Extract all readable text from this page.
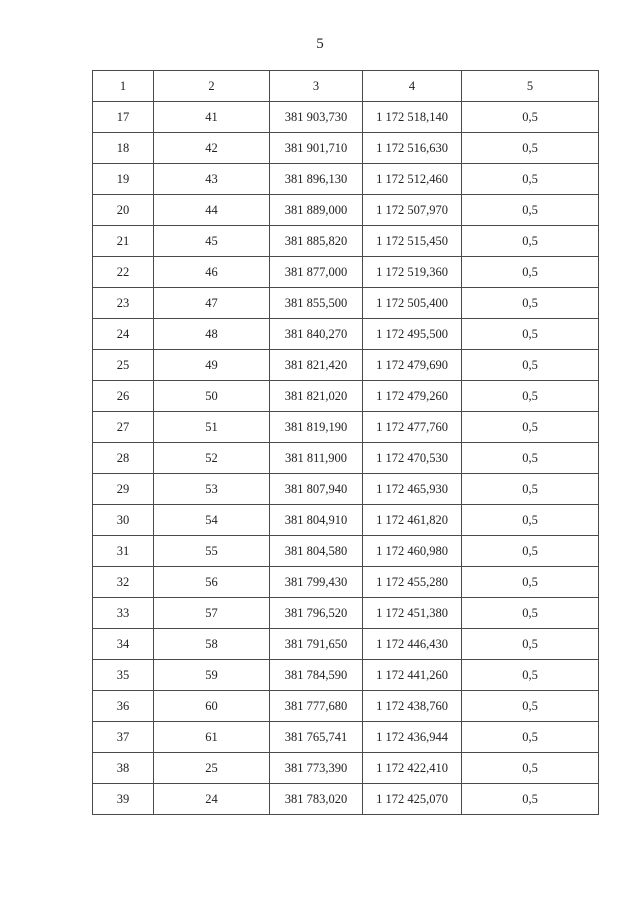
5
1	2	3	4	5
17	41	381 903,730	1 172 518,140	0,5
18	42	381 901,710	1 172 516,630	0,5
19	43	381 896,130	1 172 512,460	0,5
20	44	381 889,000	1 172 507,970	0,5
21	45	381 885,820	1 172 515,450	0,5
22	46	381 877,000	1 172 519,360	0,5
23	47	381 855,500	1 172 505,400	0,5
24	48	381 840,270	1 172 495,500	0,5
25	49	381 821,420	1 172 479,690	0,5
26	50	381 821,020	1 172 479,260	0,5
27	51	381 819,190	1 172 477,760	0,5
28	52	381 811,900	1 172 470,530	0,5
29	53	381 807,940	1 172 465,930	0,5
30	54	381 804,910	1 172 461,820	0,5
31	55	381 804,580	1 172 460,980	0,5
32	56	381 799,430	1 172 455,280	0,5
33	57	381 796,520	1 172 451,380	0,5
34	58	381 791,650	1 172 446,430	0,5
35	59	381 784,590	1 172 441,260	0,5
36	60	381 777,680	1 172 438,760	0,5
37	61	381 765,741	1 172 436,944	0,5
38	25	381 773,390	1 172 422,410	0,5
39	24	381 783,020	1 172 425,070	0,5
